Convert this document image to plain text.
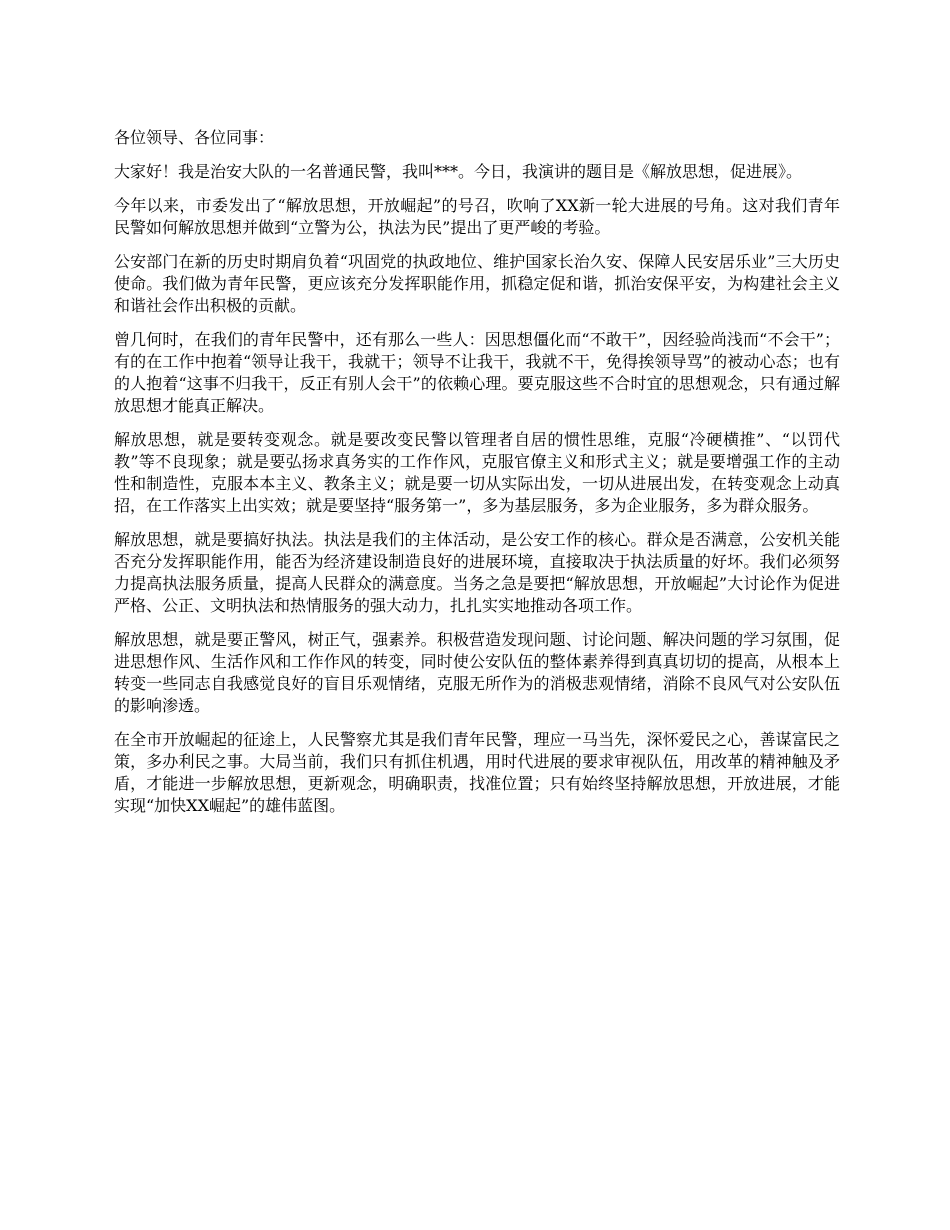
各位领导、各位同事：

大家好！我是治安大队的一名普通民警，我叫***。今日，我演讲的题目是《解放思想，促进展》。

今年以来，市委发出了“解放思想，开放崛起”的号召，吹响了XX新一轮大进展的号角。这对我们青年民警如何解放思想并做到“立警为公，执法为民”提出了更严峻的考验。

公安部门在新的历史时期肩负着“巩固党的执政地位、维护国家长治久安、保障人民安居乐业”三大历史使命。我们做为青年民警，更应该充分发挥职能作用，抓稳定促和谐，抓治安保平安，为构建社会主义和谐社会作出积极的贡献。

曾几何时，在我们的青年民警中，还有那么一些人：因思想僵化而“不敢干”，因经验尚浅而“不会干”；有的在工作中抱着“领导让我干，我就干；领导不让我干，我就不干，免得挨领导骂”的被动心态；也有的人抱着“这事不归我干，反正有别人会干”的依赖心理。要克服这些不合时宜的思想观念，只有通过解放思想才能真正解决。

解放思想，就是要转变观念。就是要改变民警以管理者自居的惯性思维，克服“冷硬横推”、“以罚代教”等不良现象；就是要弘扬求真务实的工作作风，克服官僚主义和形式主义；就是要增强工作的主动性和制造性，克服本本主义、教条主义；就是要一切从实际出发，一切从进展出发，在转变观念上动真招，在工作落实上出实效；就是要坚持“服务第一”，多为基层服务，多为企业服务，多为群众服务。

解放思想，就是要搞好执法。执法是我们的主体活动，是公安工作的核心。群众是否满意，公安机关能否充分发挥职能作用，能否为经济建设制造良好的进展环境，直接取决于执法质量的好坏。我们必须努力提高执法服务质量，提高人民群众的满意度。当务之急是要把“解放思想，开放崛起”大讨论作为促进严格、公正、文明执法和热情服务的强大动力，扎扎实实地推动各项工作。

解放思想，就是要正警风，树正气，强素养。积极营造发现问题、讨论问题、解决问题的学习氛围，促进思想作风、生活作风和工作作风的转变，同时使公安队伍的整体素养得到真真切切的提高，从根本上转变一些同志自我感觉良好的盲目乐观情绪，克服无所作为的消极悲观情绪，消除不良风气对公安队伍的影响渗透。

在全市开放崛起的征途上，人民警察尤其是我们青年民警，理应一马当先，深怀爱民之心，善谋富民之策，多办利民之事。大局当前，我们只有抓住机遇，用时代进展的要求审视队伍，用改革的精神触及矛盾，才能进一步解放思想，更新观念，明确职责，找准位置；只有始终坚持解放思想，开放进展，才能实现“加快XX崛起”的雄伟蓝图。
